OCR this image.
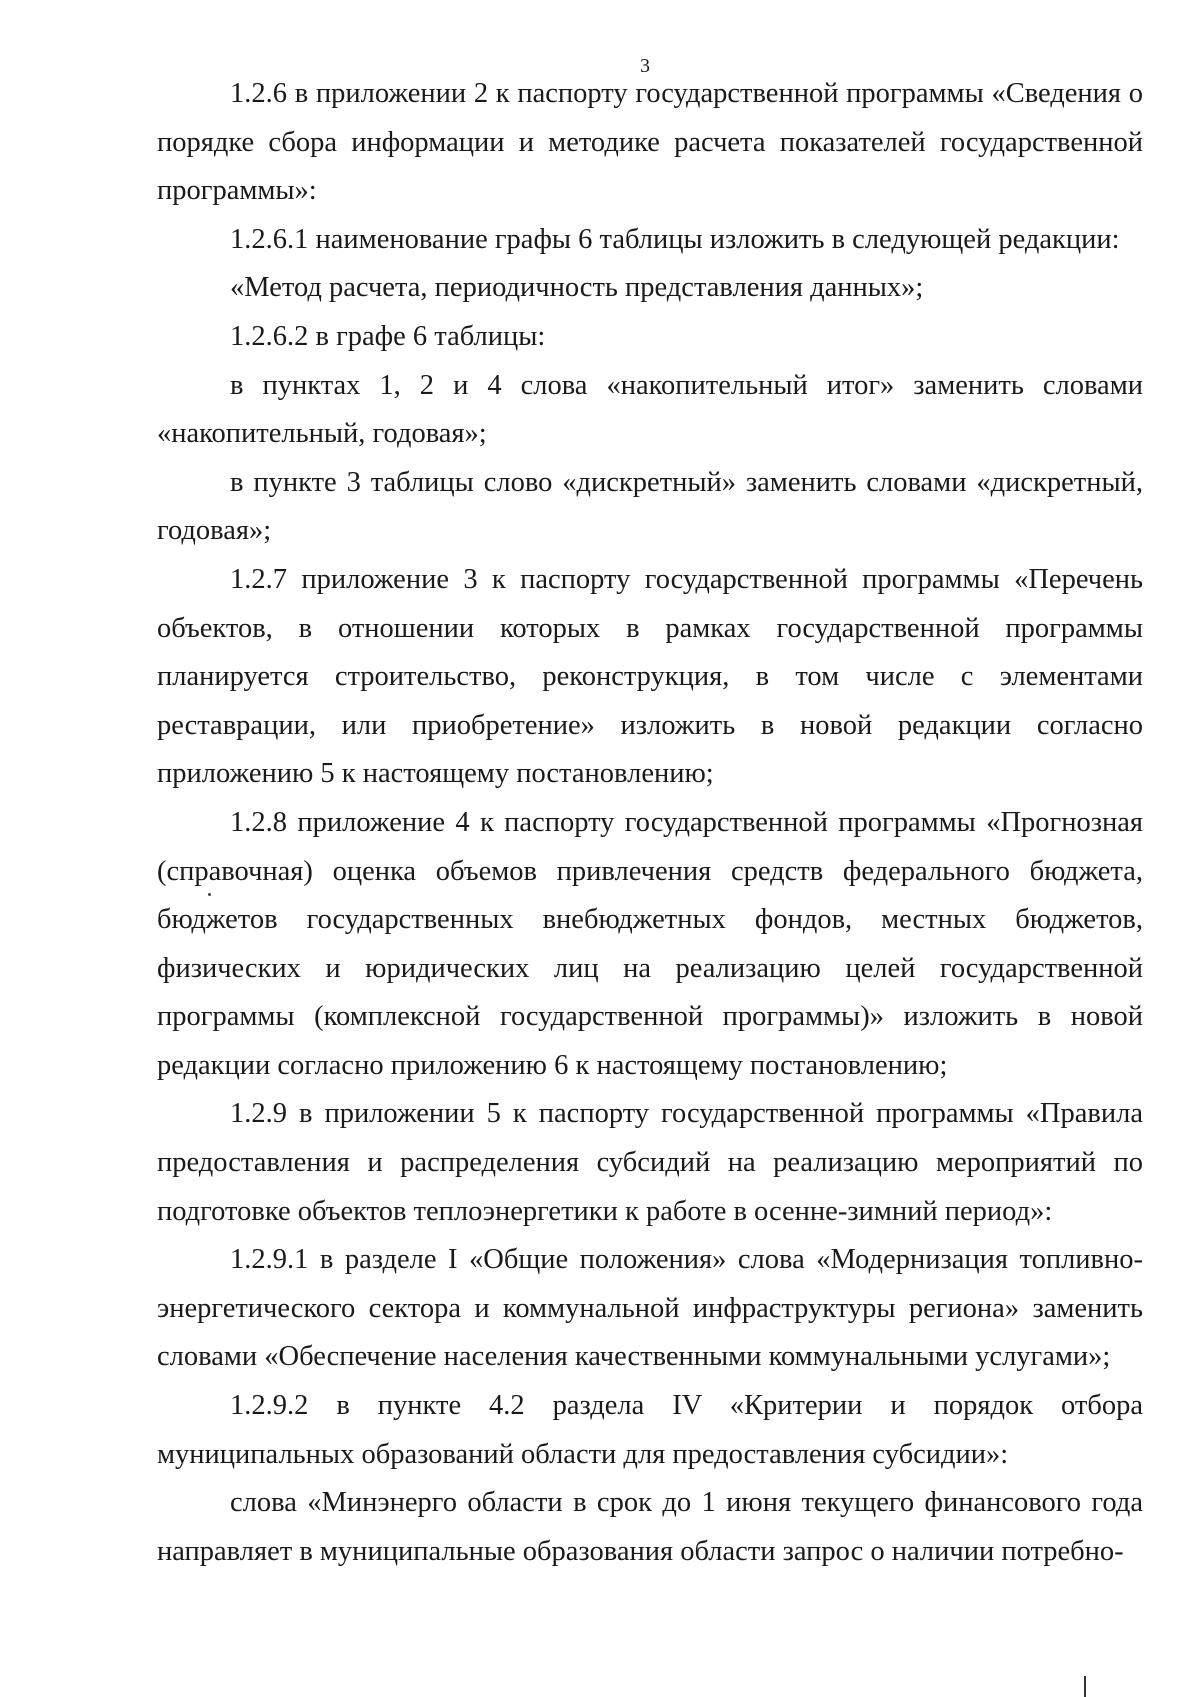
3

1.2.6 в приложении 2 к паспорту государственной программы «Сведения о порядке сбора информации и методике расчета показателей государственной программы»:

1.2.6.1 наименование графы 6 таблицы изложить в следующей редакции:

«Метод расчета, периодичность представления данных»;

1.2.6.2 в графе 6 таблицы:

в пунктах 1, 2 и 4 слова «накопительный итог» заменить словами «накопительный, годовая»;

в пункте 3 таблицы слово «дискретный» заменить словами «дискретный, годовая»;

1.2.7 приложение 3 к паспорту государственной программы «Перечень объектов, в отношении которых в рамках государственной программы планируется строительство, реконструкция, в том числе с элементами реставрации, или приобретение» изложить в новой редакции согласно приложению 5 к настоящему постановлению;

1.2.8 приложение 4 к паспорту государственной программы «Прогнозная (справочная) оценка объемов привлечения средств федерального бюджета, бюджетов государственных внебюджетных фондов, местных бюджетов, физических и юридических лиц на реализацию целей государственной программы (комплексной государственной программы)» изложить в новой редакции согласно приложению 6 к настоящему постановлению;

1.2.9 в приложении 5 к паспорту государственной программы «Правила предоставления и распределения субсидий на реализацию мероприятий по подготовке объектов теплоэнергетики к работе в осенне-зимний период»:

1.2.9.1 в разделе I «Общие положения» слова «Модернизация топливно-энергетического сектора и коммунальной инфраструктуры региона» заменить словами «Обеспечение населения качественными коммунальными услугами»;

1.2.9.2 в пункте 4.2 раздела IV «Критерии и порядок отбора муниципальных образований области для предоставления субсидии»:

слова «Минэнерго области в срок до 1 июня текущего финансового года направляет в муниципальные образования области запрос о наличии потребно-
